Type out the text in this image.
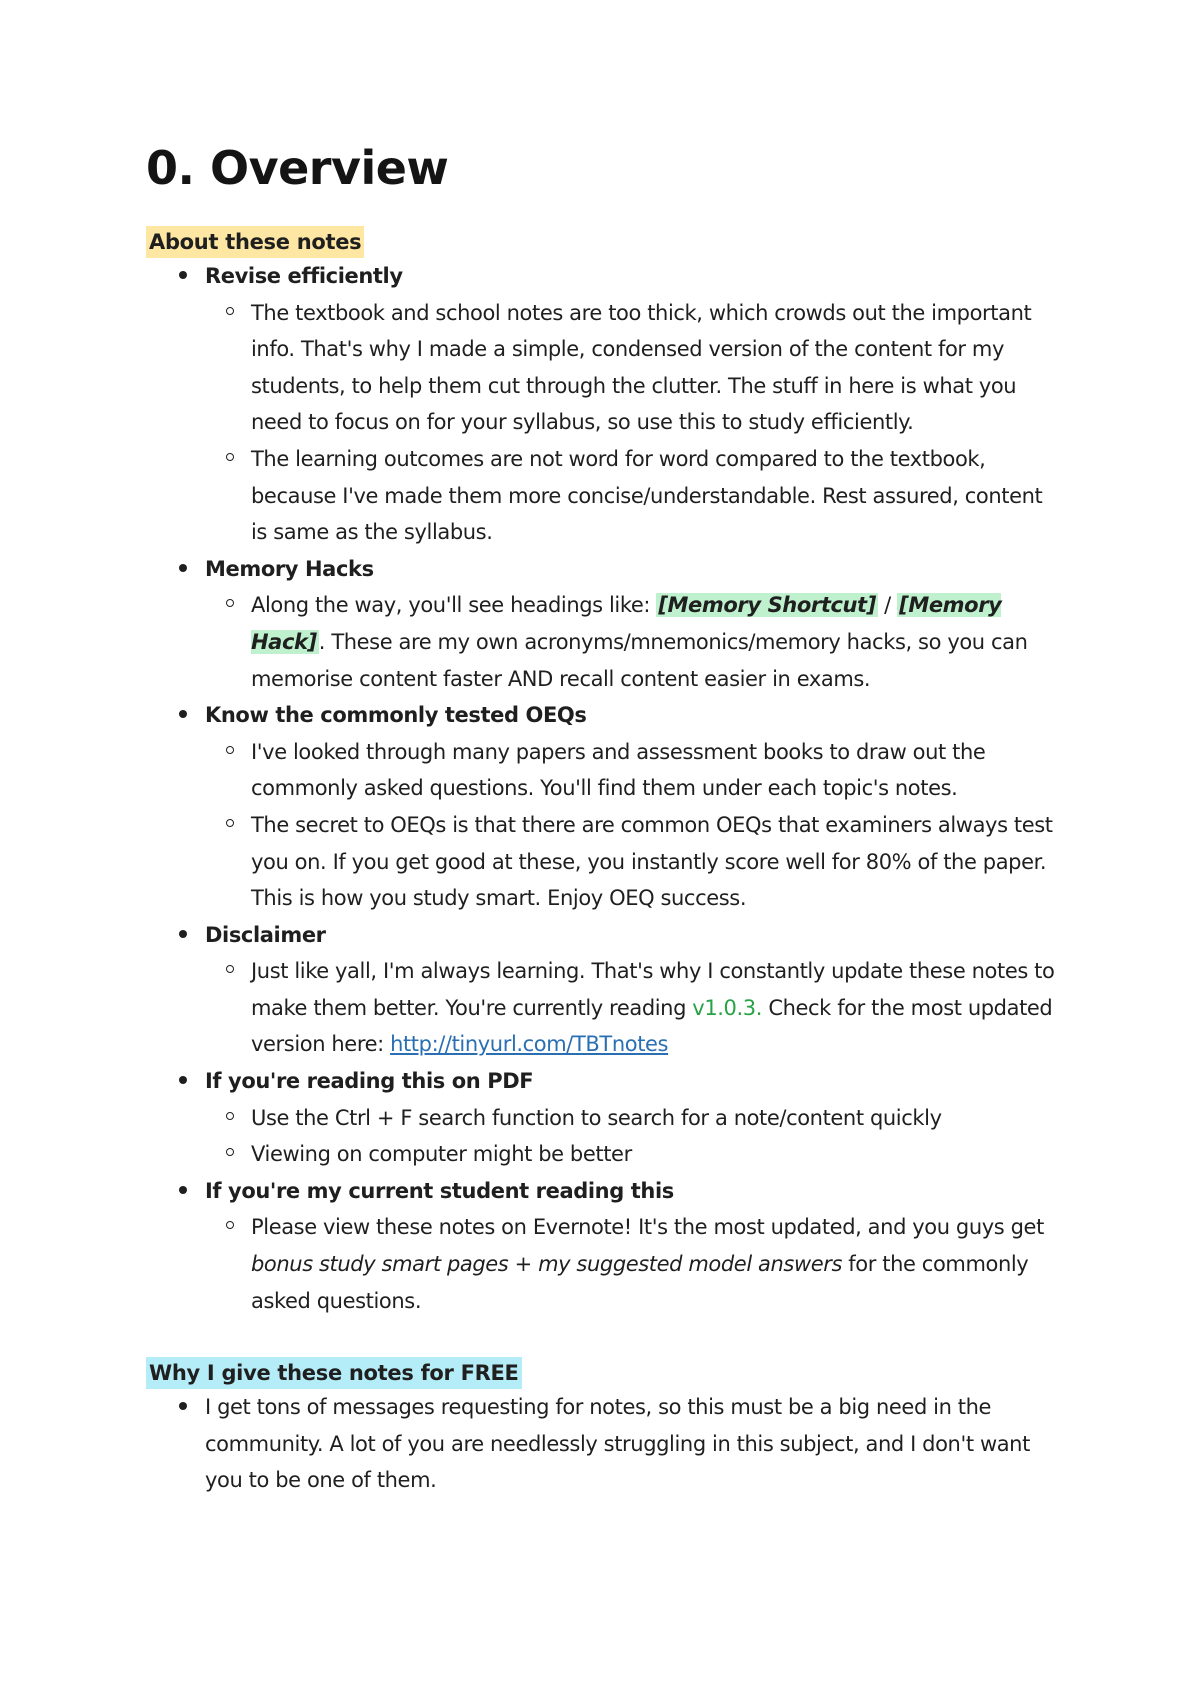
0. Overview
About these notes
Revise efficiently
The textbook and school notes are too thick, which crowds out the important info. That's why I made a simple, condensed version of the content for my students, to help them cut through the clutter. The stuff in here is what you need to focus on for your syllabus, so use this to study efficiently.
The learning outcomes are not word for word compared to the textbook, because I've made them more concise/understandable. Rest assured, content is same as the syllabus.
Memory Hacks
Along the way, you'll see headings like: [Memory Shortcut] / [Memory Hack]. These are my own acronyms/mnemonics/memory hacks, so you can memorise content faster AND recall content easier in exams.
Know the commonly tested OEQs
I've looked through many papers and assessment books to draw out the commonly asked questions. You'll find them under each topic's notes.
The secret to OEQs is that there are common OEQs that examiners always test you on. If you get good at these, you instantly score well for 80% of the paper. This is how you study smart. Enjoy OEQ success.
Disclaimer
Just like yall, I'm always learning. That's why I constantly update these notes to make them better. You're currently reading v1.0.3. Check for the most updated version here: http://tinyurl.com/TBTnotes
If you're reading this on PDF
Use the Ctrl + F search function to search for a note/content quickly
Viewing on computer might be better
If you're my current student reading this
Please view these notes on Evernote! It's the most updated, and you guys get bonus study smart pages + my suggested model answers for the commonly asked questions.
Why I give these notes for FREE
I get tons of messages requesting for notes, so this must be a big need in the community. A lot of you are needlessly struggling in this subject, and I don't want you to be one of them.
